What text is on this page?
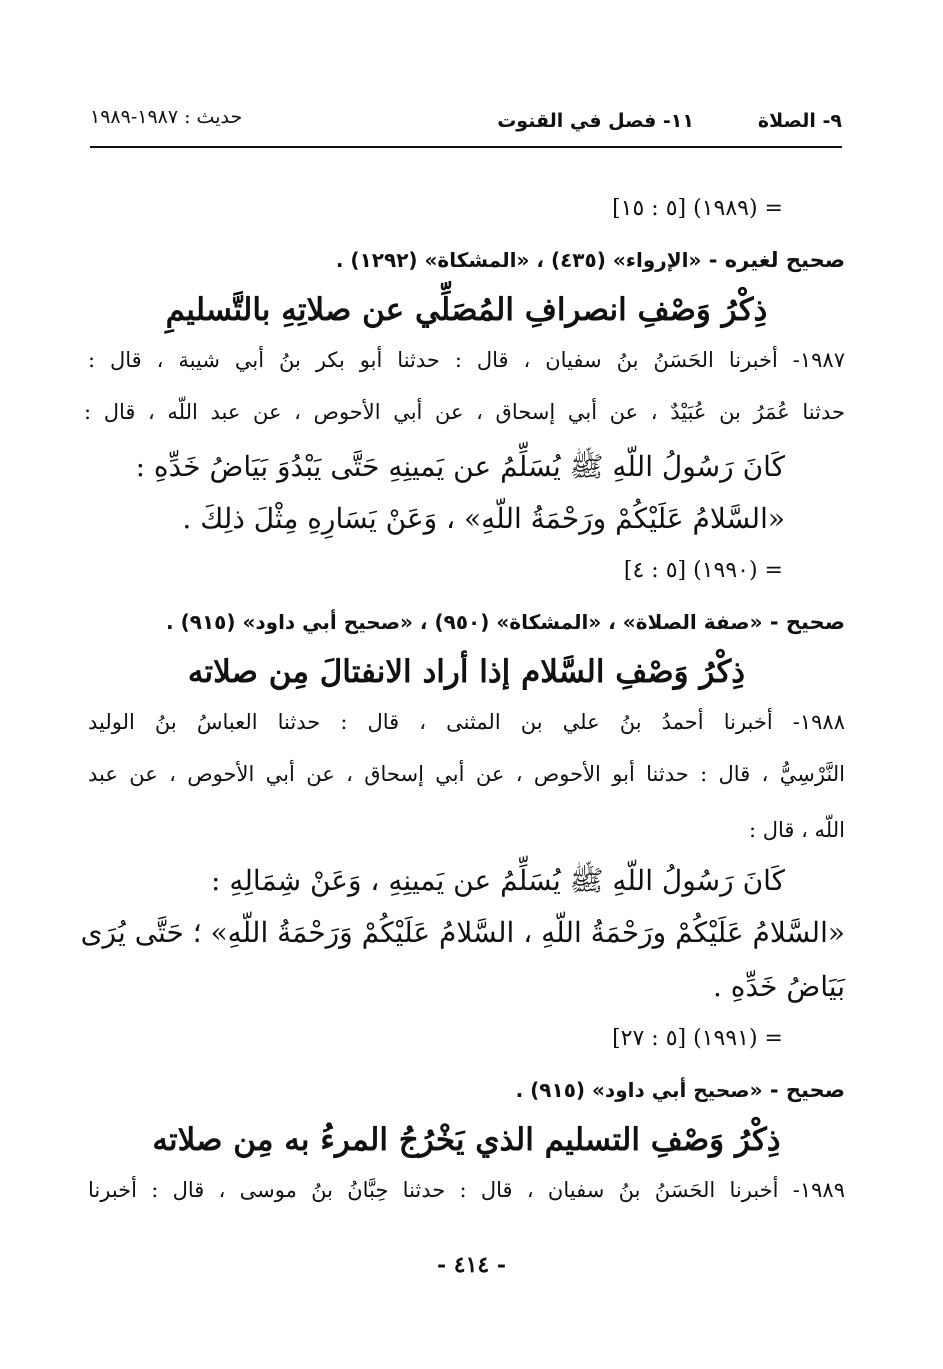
٩- الصلاة
١١- فصل في القنوت
حديث : ١٩٨٧-١٩٨٩
= (١٩٨٩) [٥ : ١٥]
صحيح لغيره - «الإرواء» (٤٣٥) ، «المشكاة» (١٢٩٢) .
ذِكْرُ وَصْفِ انصرافِ المُصَلِّي عن صلاتِهِ بالتَّسليمِ
١٩٨٧- أخبرنا الحَسَنُ بنُ سفيان ، قال : حدثنا أبو بكر بنُ أبي شيبة ، قال :
حدثنا عُمَرُ بن عُبَيْدٌ ، عن أبي إسحاق ، عن أبي الأحوص ، عن عبد اللّه ، قال :
كَانَ رَسُولُ اللّهِ ﷺ يُسَلِّمُ عن يَمينِهِ حَتَّى يَبْدُوَ بَيَاضُ خَدِّهِ :
«السَّلامُ عَلَيْكُمْ ورَحْمَةُ اللّهِ» ، وَعَنْ يَسَارِهِ مِثْلَ ذلِكَ .
= (١٩٩٠) [٥ : ٤]
صحيح - «صفة الصلاة» ، «المشكاة» (٩٥٠) ، «صحيح أبي داود» (٩١٥) .
ذِكْرُ وَصْفِ السَّلام إذا أراد الانفتالَ مِن صلاته
١٩٨٨- أخبرنا أحمدُ بنُ علي بن المثنى ، قال : حدثنا العباسُ بنُ الوليد
النَّرْسِيُّ ، قال : حدثنا أبو الأحوص ، عن أبي إسحاق ، عن أبي الأحوص ، عن عبد
اللّه ، قال :
كَانَ رَسُولُ اللّهِ ﷺ يُسَلِّمُ عن يَمينِهِ ، وَعَنْ شِمَالِهِ :
«السَّلامُ عَلَيْكُمْ ورَحْمَةُ اللّهِ ، السَّلامُ عَلَيْكُمْ وَرَحْمَةُ اللّهِ» ؛ حَتَّى يُرَى
بَيَاضُ خَدِّهِ .
= (١٩٩١) [٥ : ٢٧]
صحيح - «صحيح أبي داود» (٩١٥) .
ذِكْرُ وَصْفِ التسليم الذي يَخْرُجُ المرءُ به مِن صلاته
١٩٨٩- أخبرنا الحَسَنُ بنُ سفيان ، قال : حدثنا حِبَّانُ بنُ موسى ، قال : أخبرنا
- ٤١٤ -
